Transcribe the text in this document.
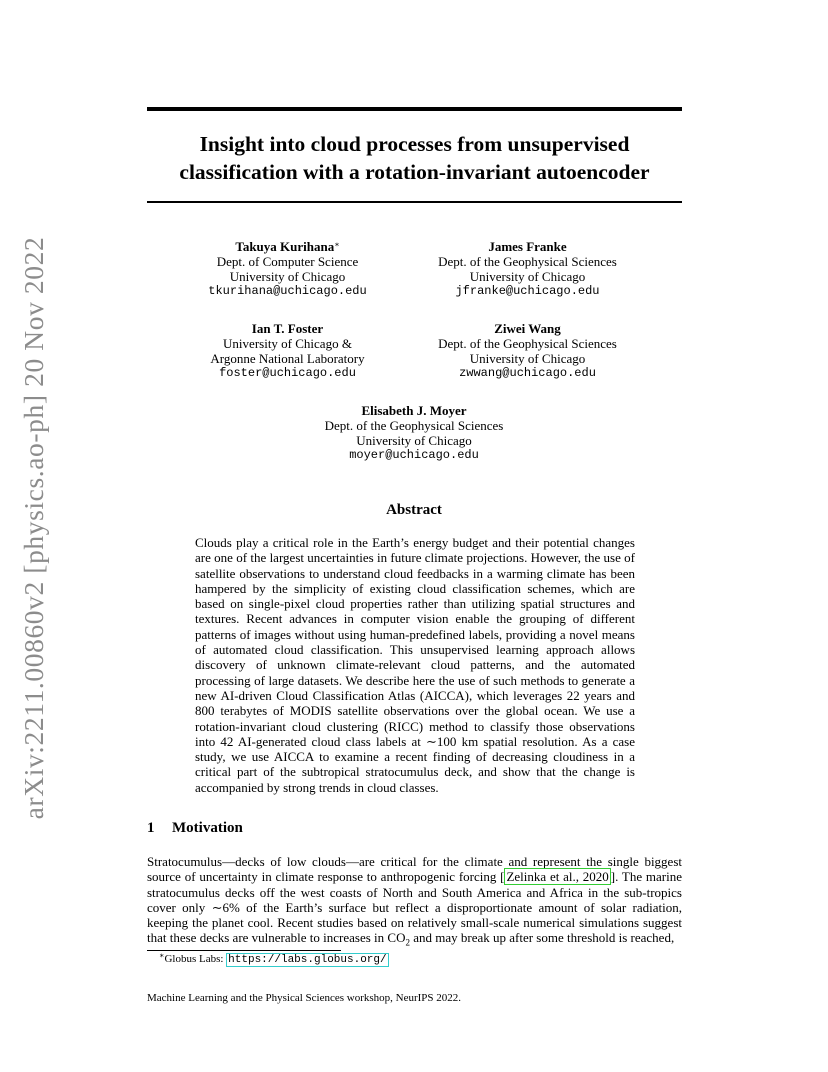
arXiv:2211.00860v2 [physics.ao-ph] 20 Nov 2022
Insight into cloud processes from unsupervised classification with a rotation-invariant autoencoder
Takuya Kurihana∗
Dept. of Computer Science
University of Chicago
tkurihana@uchicago.edu
James Franke
Dept. of the Geophysical Sciences
University of Chicago
jfranke@uchicago.edu
Ian T. Foster
University of Chicago &
Argonne National Laboratory
foster@uchicago.edu
Ziwei Wang
Dept. of the Geophysical Sciences
University of Chicago
zwwang@uchicago.edu
Elisabeth J. Moyer
Dept. of the Geophysical Sciences
University of Chicago
moyer@uchicago.edu
Abstract
Clouds play a critical role in the Earth’s energy budget and their potential changes are one of the largest uncertainties in future climate projections. However, the use of satellite observations to understand cloud feedbacks in a warming climate has been hampered by the simplicity of existing cloud classification schemes, which are based on single-pixel cloud properties rather than utilizing spatial structures and textures. Recent advances in computer vision enable the grouping of different patterns of images without using human-predefined labels, providing a novel means of automated cloud classification. This unsupervised learning approach allows discovery of unknown climate-relevant cloud patterns, and the automated processing of large datasets. We describe here the use of such methods to generate a new AI-driven Cloud Classification Atlas (AICCA), which leverages 22 years and 800 terabytes of MODIS satellite observations over the global ocean. We use a rotation-invariant cloud clustering (RICC) method to classify those observations into 42 AI-generated cloud class labels at ∼100 km spatial resolution. As a case study, we use AICCA to examine a recent finding of decreasing cloudiness in a critical part of the subtropical stratocumulus deck, and show that the change is accompanied by strong trends in cloud classes.
1 Motivation
Stratocumulus—decks of low clouds—are critical for the climate and represent the single biggest source of uncertainty in climate response to anthropogenic forcing [ Zelinka et al., 2020 ]. The marine stratocumulus decks off the west coasts of North and South America and Africa in the sub-tropics cover only ∼6% of the Earth’s surface but reflect a disproportionate amount of solar radiation, keeping the planet cool. Recent studies based on relatively small-scale numerical simulations suggest that these decks are vulnerable to increases in $CO_2$ and may break up after some threshold is reached,
∗Globus Labs: https://labs.globus.org/
Machine Learning and the Physical Sciences workshop, NeurIPS 2022.
